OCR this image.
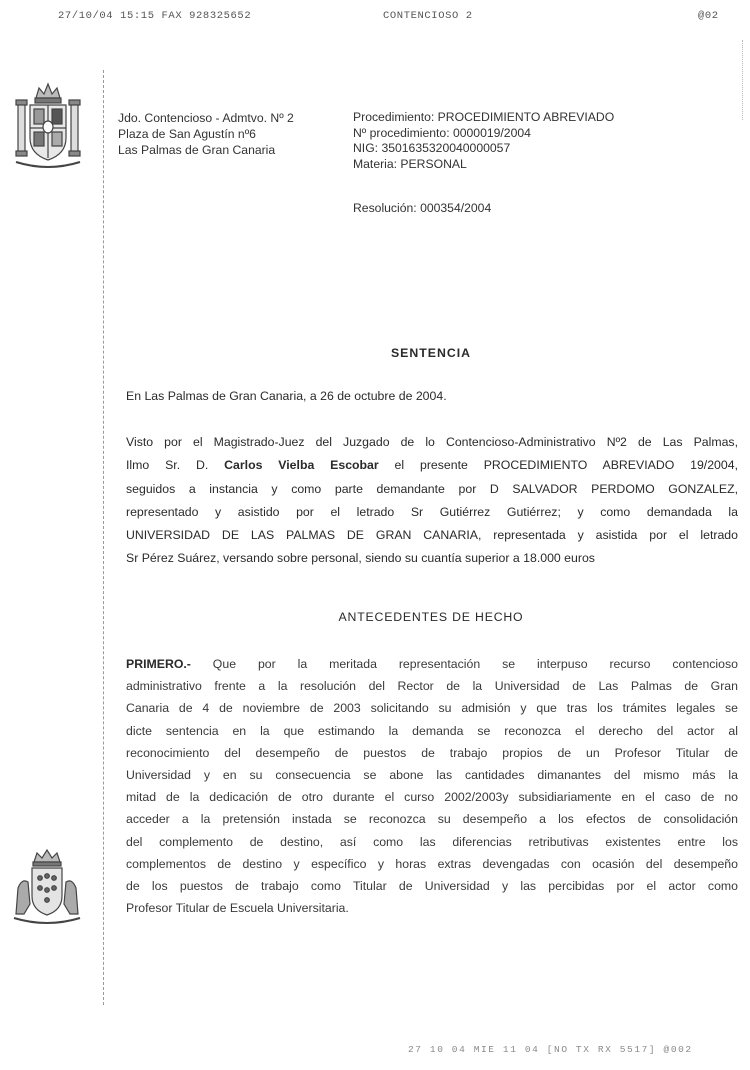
27/10/04 15:15 FAX 928325652	CONTENCIOSO 2	@02
Jdo. Contencioso - Admtvo. Nº 2
Plaza de San Agustín nº6
Las Palmas de Gran Canaria
Procedimiento: PROCEDIMIENTO ABREVIADO
Nº procedimiento: 0000019/2004
NIG: 3501635320040000057
Materia: PERSONAL
Resolución: 000354/2004
SENTENCIA
En Las Palmas de Gran Canaria, a 26 de octubre de 2004.
Visto por el Magistrado-Juez del Juzgado de lo Contencioso-Administrativo Nº2 de Las Palmas,
Ilmo Sr. D. Carlos Vielba Escobar el presente PROCEDIMIENTO ABREVIADO 19/2004,
seguidos a instancia y como parte demandante por D SALVADOR PERDOMO GONZALEZ,
representado y asistido por el letrado Sr Gutiérrez Gutiérrez; y como demandada la
UNIVERSIDAD DE LAS PALMAS DE GRAN CANARIA, representada y asistida por el letrado
Sr Pérez Suárez, versando sobre personal, siendo su cuantía superior a 18.000 euros
ANTECEDENTES DE HECHO
PRIMERO.- Que por la meritada representación se interpuso recurso contencioso
administrativo frente a la resolución del Rector de la Universidad de Las Palmas de Gran
Canaria de 4 de noviembre de 2003 solicitando su admisión y que tras los trámites legales se
dicte sentencia en la que estimando la demanda se reconozca el derecho del actor al
reconocimiento del desempeño de puestos de trabajo propios de un Profesor Titular de
Universidad y en su consecuencia se abone las cantidades dimanantes del mismo más la
mitad de la dedicación de otro durante el curso 2002/2003y subsidiariamente en el caso de no
acceder a la pretensión instada se reconozca su desempeño a los efectos de consolidación
del complemento de destino, así como las diferencias retributivas existentes entre los
complementos de destino y específico y horas extras devengadas con ocasión del desempeño
de los puestos de trabajo como Titular de Universidad y las percibidas por el actor como
Profesor Titular de Escuela Universitaria.
27 10 04 MIE 11 04 [NO TX RX 5517] @002
